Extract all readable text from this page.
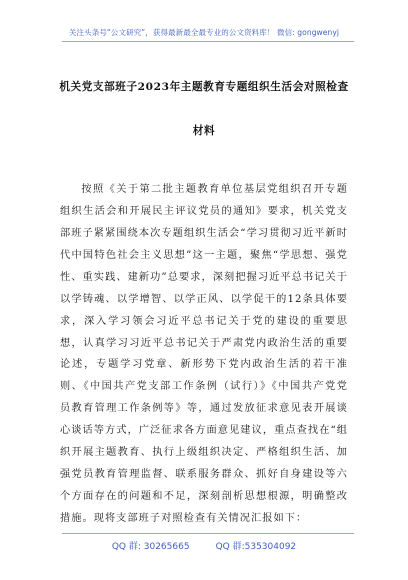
关注头条号“公文研究”，获得最新最全最专业的公文资料库！ 微信: gongwenyj
机关党支部班子2023年主题教育专题组织生活会对照检查
材料

按照《关于第二批主题教育单位基层党组织召开专题组织生活会和开展民主评议党员的通知》要求，机关党支部班子紧紧围绕本次专题组织生活会“学习贯彻习近平新时代中国特色社会主义思想”这一主题，聚焦“学思想、强党性、重实践、建新功”总要求，深刻把握习近平总书记关于以学铸魂、以学增智、以学正风、以学促干的12条具体要求，深入学习领会习近平总书记关于党的建设的重要思想，认真学习习近平总书记关于严肃党内政治生活的重要论述，专题学习党章、新形势下党内政治生活的若干准则、《中国共产党支部工作条例（试行）》《中国共产党党员教育管理工作条例等》等，通过发放征求意见表开展谈心谈话等方式，广泛征求各方面意见建议，重点查找在“组织开展主题教育、执行上级组织决定、严格组织生活、加强党员教育管理监督、联系服务群众、抓好自身建设等六个方面存在的问题和不足，深刻剖析思想根源，明确整改措施。现将支部班子对照检查有关情况汇报如下：

QQ 群: 30265665	QQ 群:535304092
